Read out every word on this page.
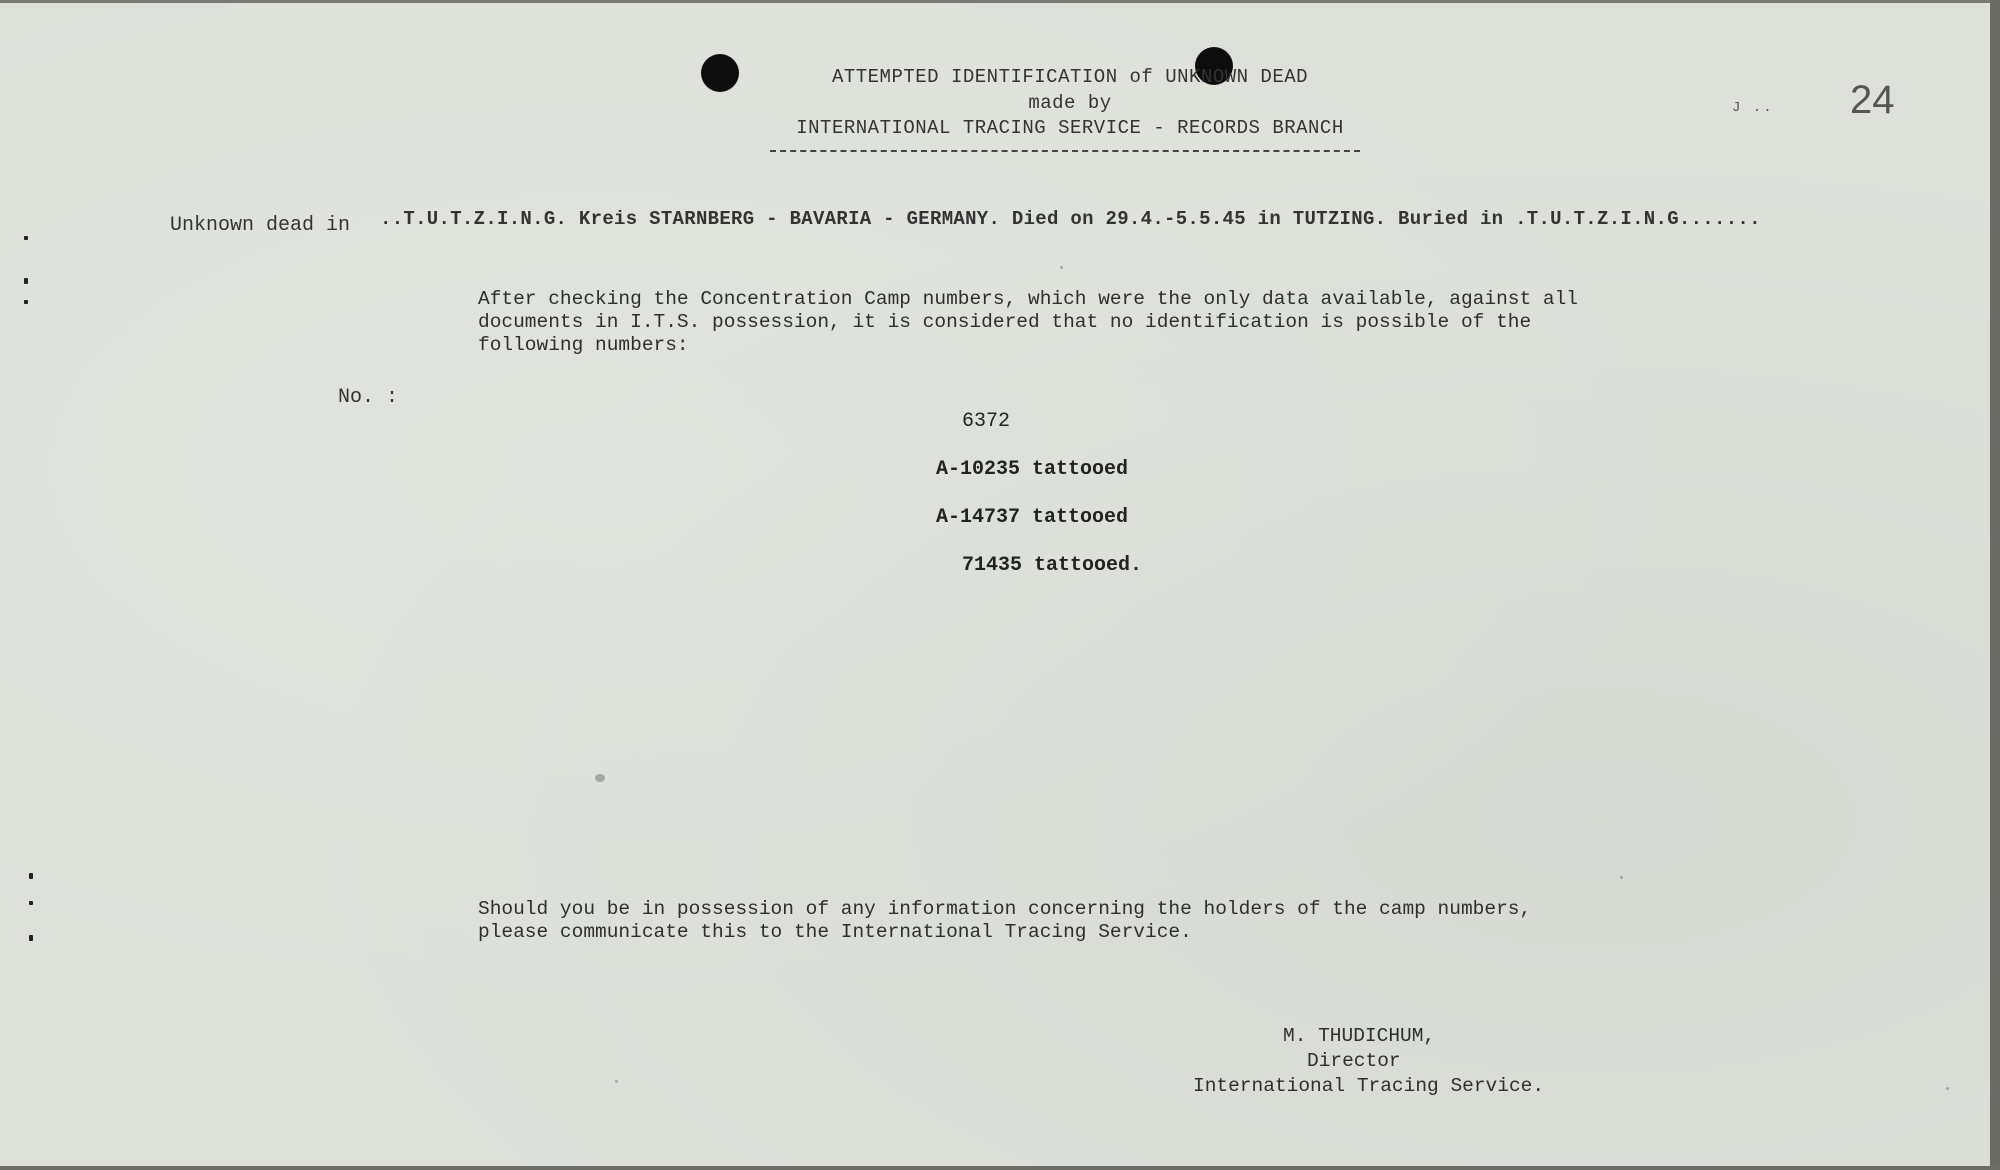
ATTEMPTED IDENTIFICATION of UNKNOWN DEAD
made by
INTERNATIONAL TRACING SERVICE - RECORDS BRANCH
J .. 24
Unknown dead in ..T.U.T.Z.I.N.G. Kreis STARNBERG - BAVARIA - GERMANY. Died on 29.4.-5.5.45 in TUTZING. Buried in .T.U.T.Z.I.N.G.......
After checking the Concentration Camp numbers, which were the only data available, against all
documents in I.T.S. possession, it is considered that no identification is possible of the
following numbers:
No. :
6372
A-10235 tattooed
A-14737 tattooed
71435 tattooed.
Should you be in possession of any information concerning the holders of the camp numbers,
please communicate this to the International Tracing Service.
M. THUDICHUM,
Director
International Tracing Service.
